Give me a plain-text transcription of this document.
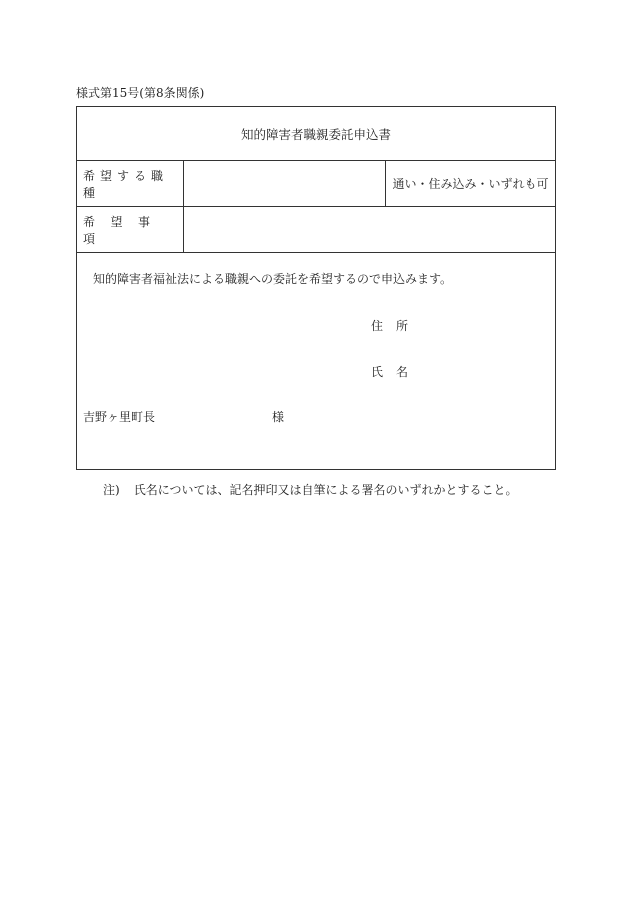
様式第15号(第8条関係)
知的障害者職親委託申込書
希望する職種
通い・住み込み・いずれも可
希望事項
知的障害者福祉法による職親への委託を希望するので申込みます。
住所
氏名
吉野ヶ里町長	様
注) 氏名については、記名押印又は自筆による署名のいずれかとすること。
